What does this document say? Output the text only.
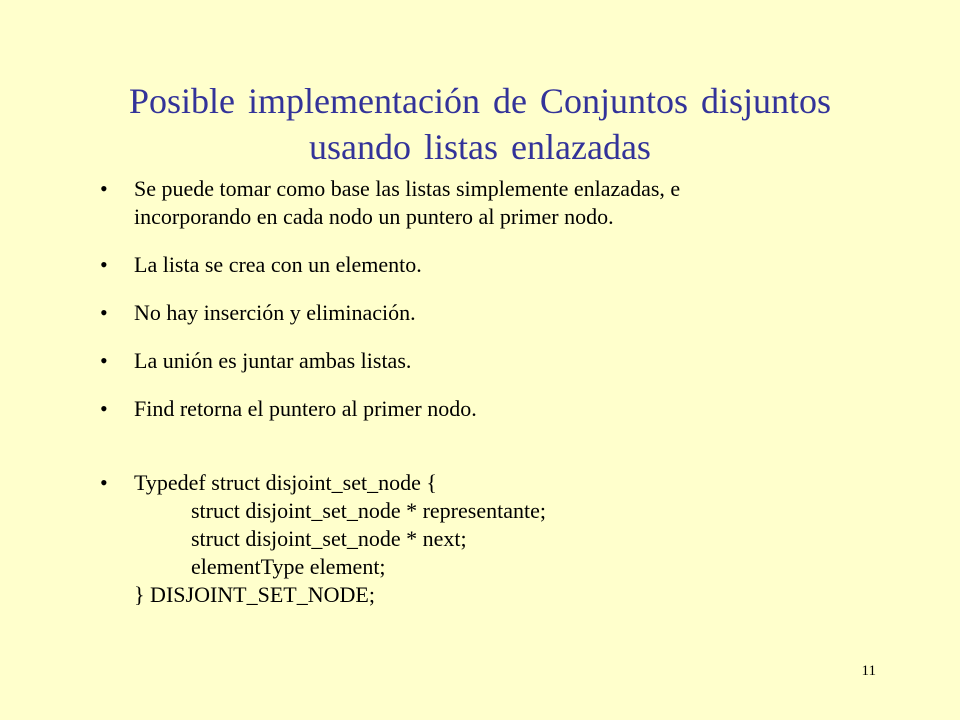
Posible implementación de Conjuntos disjuntos
usando listas enlazadas
• Se puede tomar como base las listas simplemente enlazadas, e
incorporando en cada nodo un puntero al primer nodo.
• La lista se crea con un elemento.
• No hay inserción y eliminación.
• La unión es juntar ambas listas.
• Find retorna el puntero al primer nodo.
• Typedef struct disjoint_set_node {
struct disjoint_set_node * representante;
struct disjoint_set_node * next;
elementType element;
} DISJOINT_SET_NODE;
11
